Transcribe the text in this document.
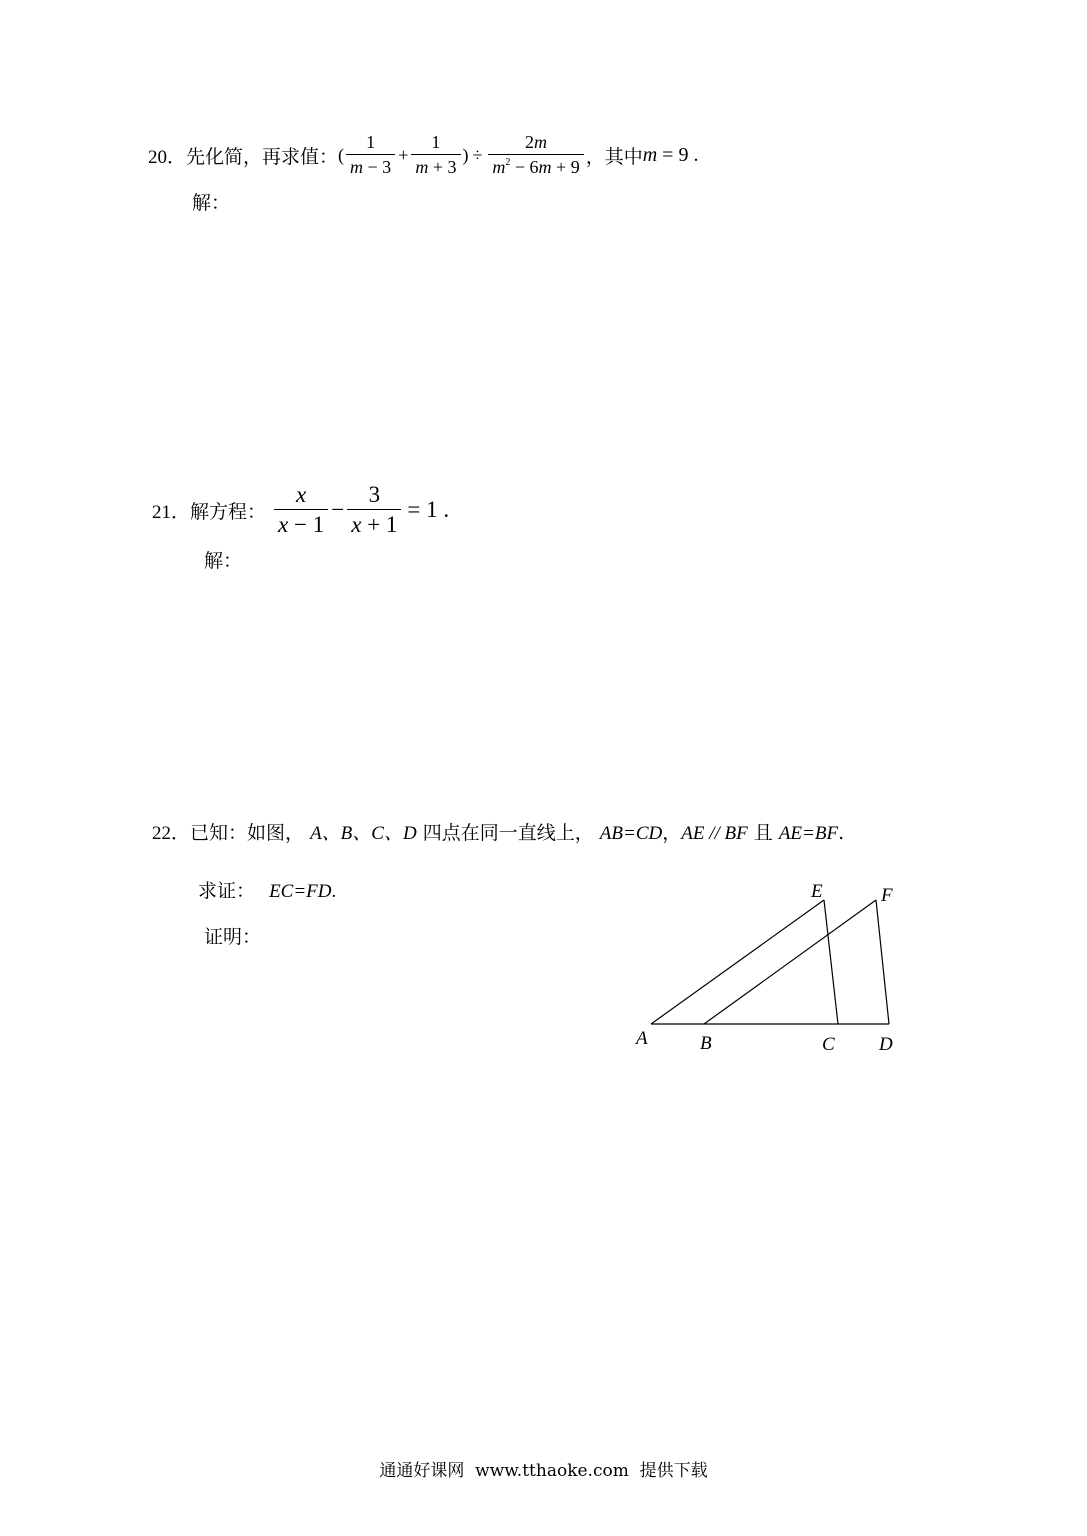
20． 先化简，再求值： ( $\frac{1}{m - 3} + \frac{1}{m + 3}$ ) ÷ $\frac{2m}{m^2 - 6m + 9}$ ，其中 m = 9 .
解：
21． 解方程： $\frac{x}{x - 1} - \frac{3}{x + 1} = 1$ .
解：
22．已知：如图， A、B、C、D 四点在同一直线上， AB=CD，AE // BF 且 AE=BF.
求证： EC=FD.
证明：
A	B	C D
E	F
通通好课网  www.tthaoke.com  提供下载
